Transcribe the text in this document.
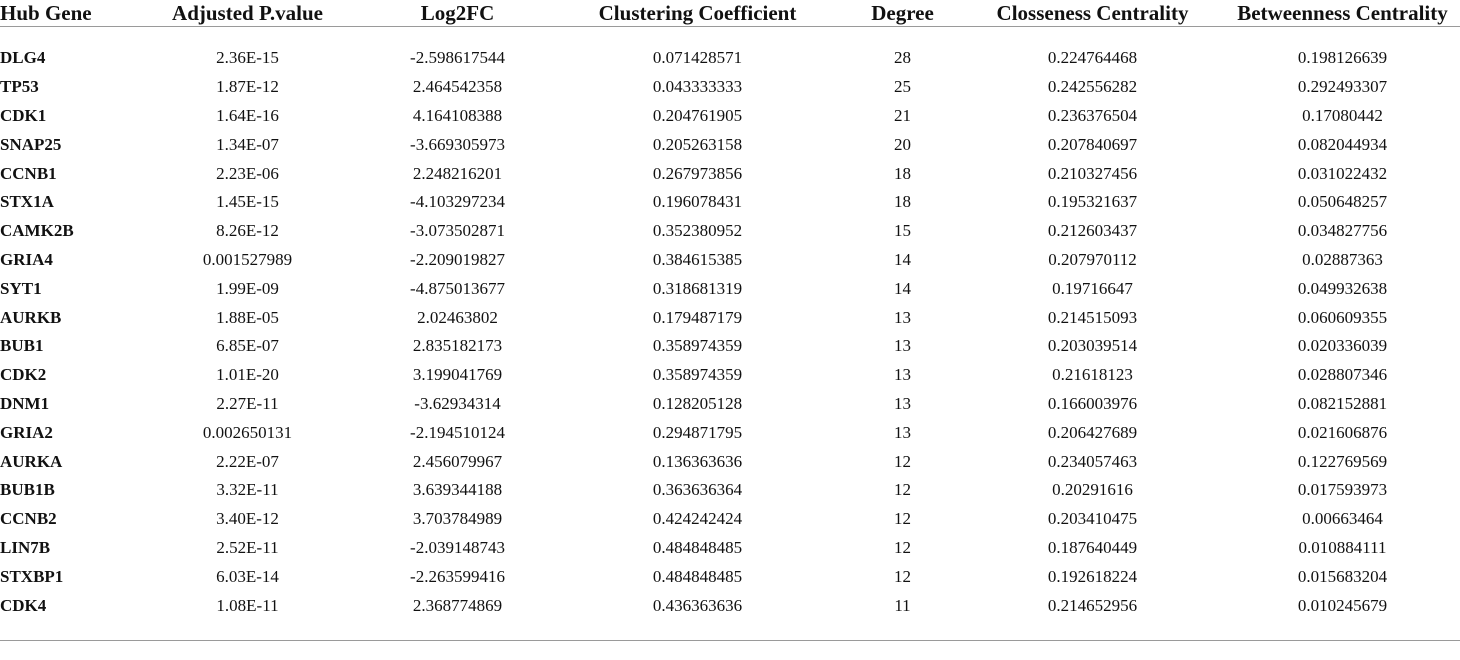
Hub Gene	Adjusted P.value	Log2FC	Clustering Coefficient	Degree	Closseness Centrality	Betweenness Centrality

DLG4	2.36E-15	-2.598617544	0.071428571	28	0.224764468	0.198126639
TP53	1.87E-12	2.464542358	0.043333333	25	0.242556282	0.292493307
CDK1	1.64E-16	4.164108388	0.204761905	21	0.236376504	0.17080442
SNAP25	1.34E-07	-3.669305973	0.205263158	20	0.207840697	0.082044934
CCNB1	2.23E-06	2.248216201	0.267973856	18	0.210327456	0.031022432
STX1A	1.45E-15	-4.103297234	0.196078431	18	0.195321637	0.050648257
CAMK2B	8.26E-12	-3.073502871	0.352380952	15	0.212603437	0.034827756
GRIA4	0.001527989	-2.209019827	0.384615385	14	0.207970112	0.02887363
SYT1	1.99E-09	-4.875013677	0.318681319	14	0.19716647	0.049932638
AURKB	1.88E-05	2.02463802	0.179487179	13	0.214515093	0.060609355
BUB1	6.85E-07	2.835182173	0.358974359	13	0.203039514	0.020336039
CDK2	1.01E-20	3.199041769	0.358974359	13	0.21618123	0.028807346
DNM1	2.27E-11	-3.62934314	0.128205128	13	0.166003976	0.082152881
GRIA2	0.002650131	-2.194510124	0.294871795	13	0.206427689	0.021606876
AURKA	2.22E-07	2.456079967	0.136363636	12	0.234057463	0.122769569
BUB1B	3.32E-11	3.639344188	0.363636364	12	0.20291616	0.017593973
CCNB2	3.40E-12	3.703784989	0.424242424	12	0.203410475	0.00663464
LIN7B	2.52E-11	-2.039148743	0.484848485	12	0.187640449	0.010884111
STXBP1	6.03E-14	-2.263599416	0.484848485	12	0.192618224	0.015683204
CDK4	1.08E-11	2.368774869	0.436363636	11	0.214652956	0.010245679
